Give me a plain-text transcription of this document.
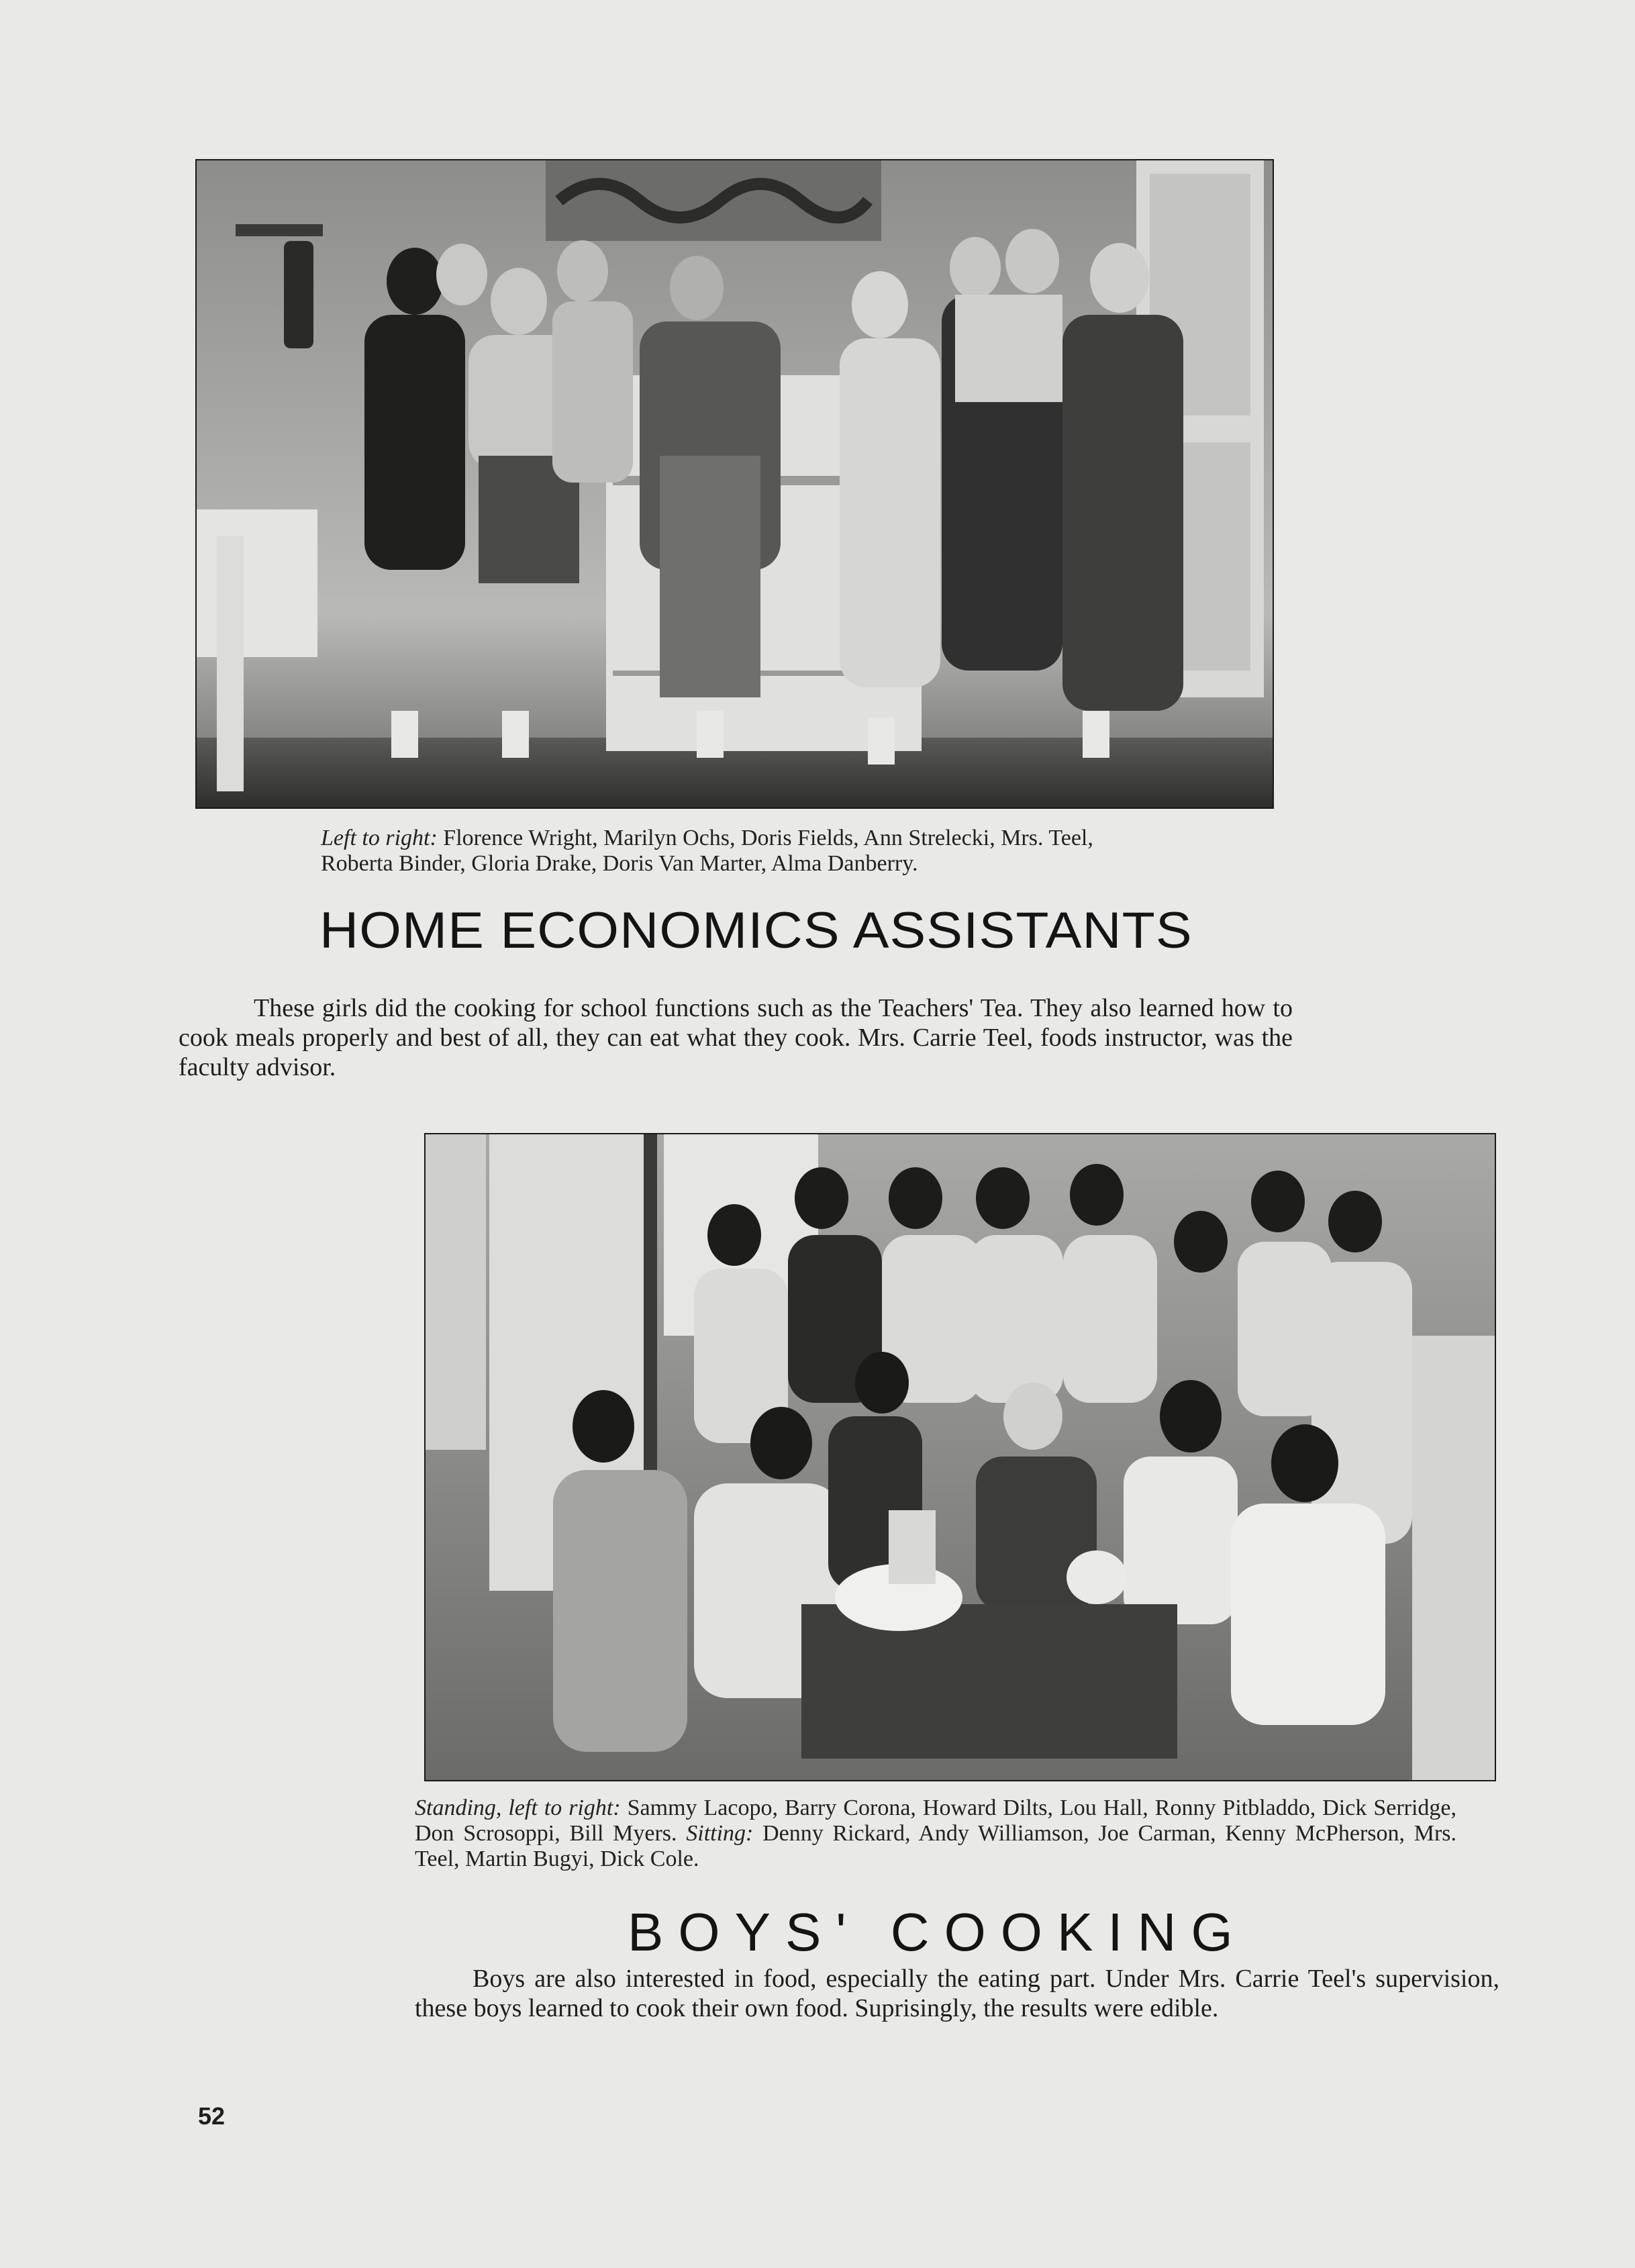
Left to right: Florence Wright, Marilyn Ochs, Doris Fields, Ann Strelecki, Mrs. Teel, Roberta Binder, Gloria Drake, Doris Van Marter, Alma Danberry.
HOME ECONOMICS ASSISTANTS
These girls did the cooking for school functions such as the Teachers' Tea. They also learned how to cook meals properly and best of all, they can eat what they cook. Mrs. Carrie Teel, foods instructor, was the faculty advisor.
Standing, left to right: Sammy Lacopo, Barry Corona, Howard Dilts, Lou Hall, Ronny Pitbladdo, Dick Serridge, Don Scrosoppi, Bill Myers. Sitting: Denny Rickard, Andy Williamson, Joe Carman, Kenny McPherson, Mrs. Teel, Martin Bugyi, Dick Cole.
BOYS' COOKING
Boys are also interested in food, especially the eating part. Under Mrs. Carrie Teel's supervision, these boys learned to cook their own food. Suprisingly, the results were edible.
52
